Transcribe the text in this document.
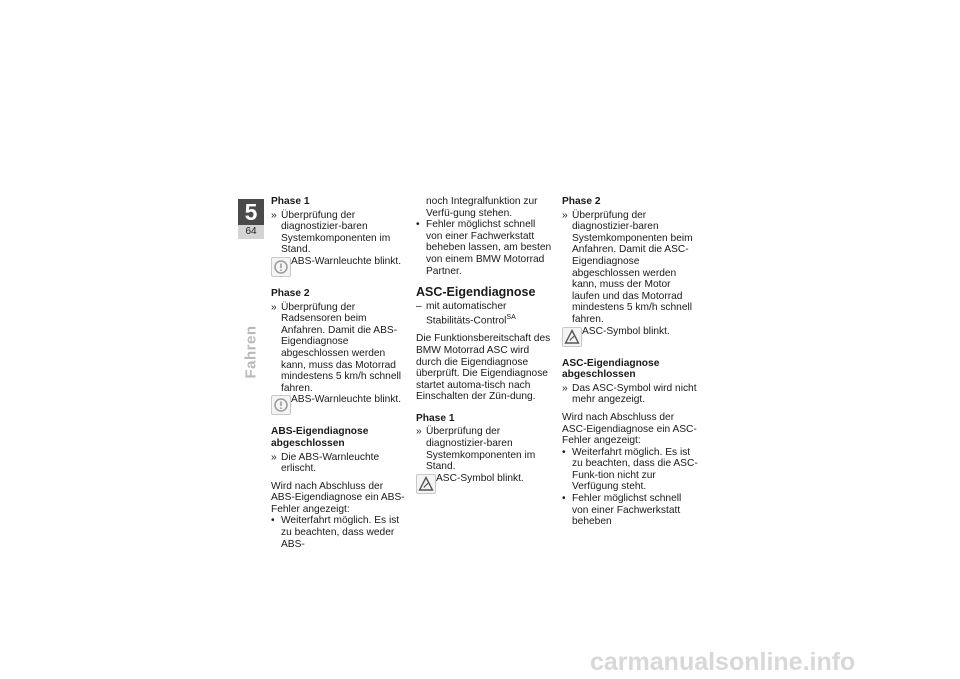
5
64
Fahren
Phase 1
» Überprüfung der diagnostizier-baren Systemkomponenten im Stand.
ABS-Warnleuchte blinkt.
Phase 2
» Überprüfung der Radsensoren beim Anfahren. Damit die ABS-Eigendiagnose abgeschlossen werden kann, muss das Motorrad mindestens 5 km/h schnell fahren.
ABS-Warnleuchte blinkt.
ABS-Eigendiagnose abgeschlossen
» Die ABS-Warnleuchte erlischt.
Wird nach Abschluss der ABS-Eigendiagnose ein ABS-Fehler angezeigt:
• Weiterfahrt möglich. Es ist zu beachten, dass weder ABS-
noch Integralfunktion zur Verfü-gung stehen.
• Fehler möglichst schnell von einer Fachwerkstatt beheben lassen, am besten von einem BMW Motorrad Partner.
ASC-Eigendiagnose
– mit automatischer Stabilitäts-Control$^{SA}$
Die Funktionsbereitschaft des BMW Motorrad ASC wird durch die Eigendiagnose überprüft. Die Eigendiagnose startet automa-tisch nach Einschalten der Zün-dung.
Phase 1
» Überprüfung der diagnostizier-baren Systemkomponenten im Stand.
ASC-Symbol blinkt.
Phase 2
» Überprüfung der diagnostizier-baren Systemkomponenten beim Anfahren. Damit die ASC-Eigendiagnose abgeschlossen werden kann, muss der Motor laufen und das Motorrad mindestens 5 km/h schnell fahren.
ASC-Symbol blinkt.
ASC-Eigendiagnose abgeschlossen
» Das ASC-Symbol wird nicht mehr angezeigt.
Wird nach Abschluss der ASC-Eigendiagnose ein ASC-Fehler angezeigt:
• Weiterfahrt möglich. Es ist zu beachten, dass die ASC-Funk-tion nicht zur Verfügung steht.
• Fehler möglichst schnell von einer Fachwerkstatt beheben
carmanualsonline.info
